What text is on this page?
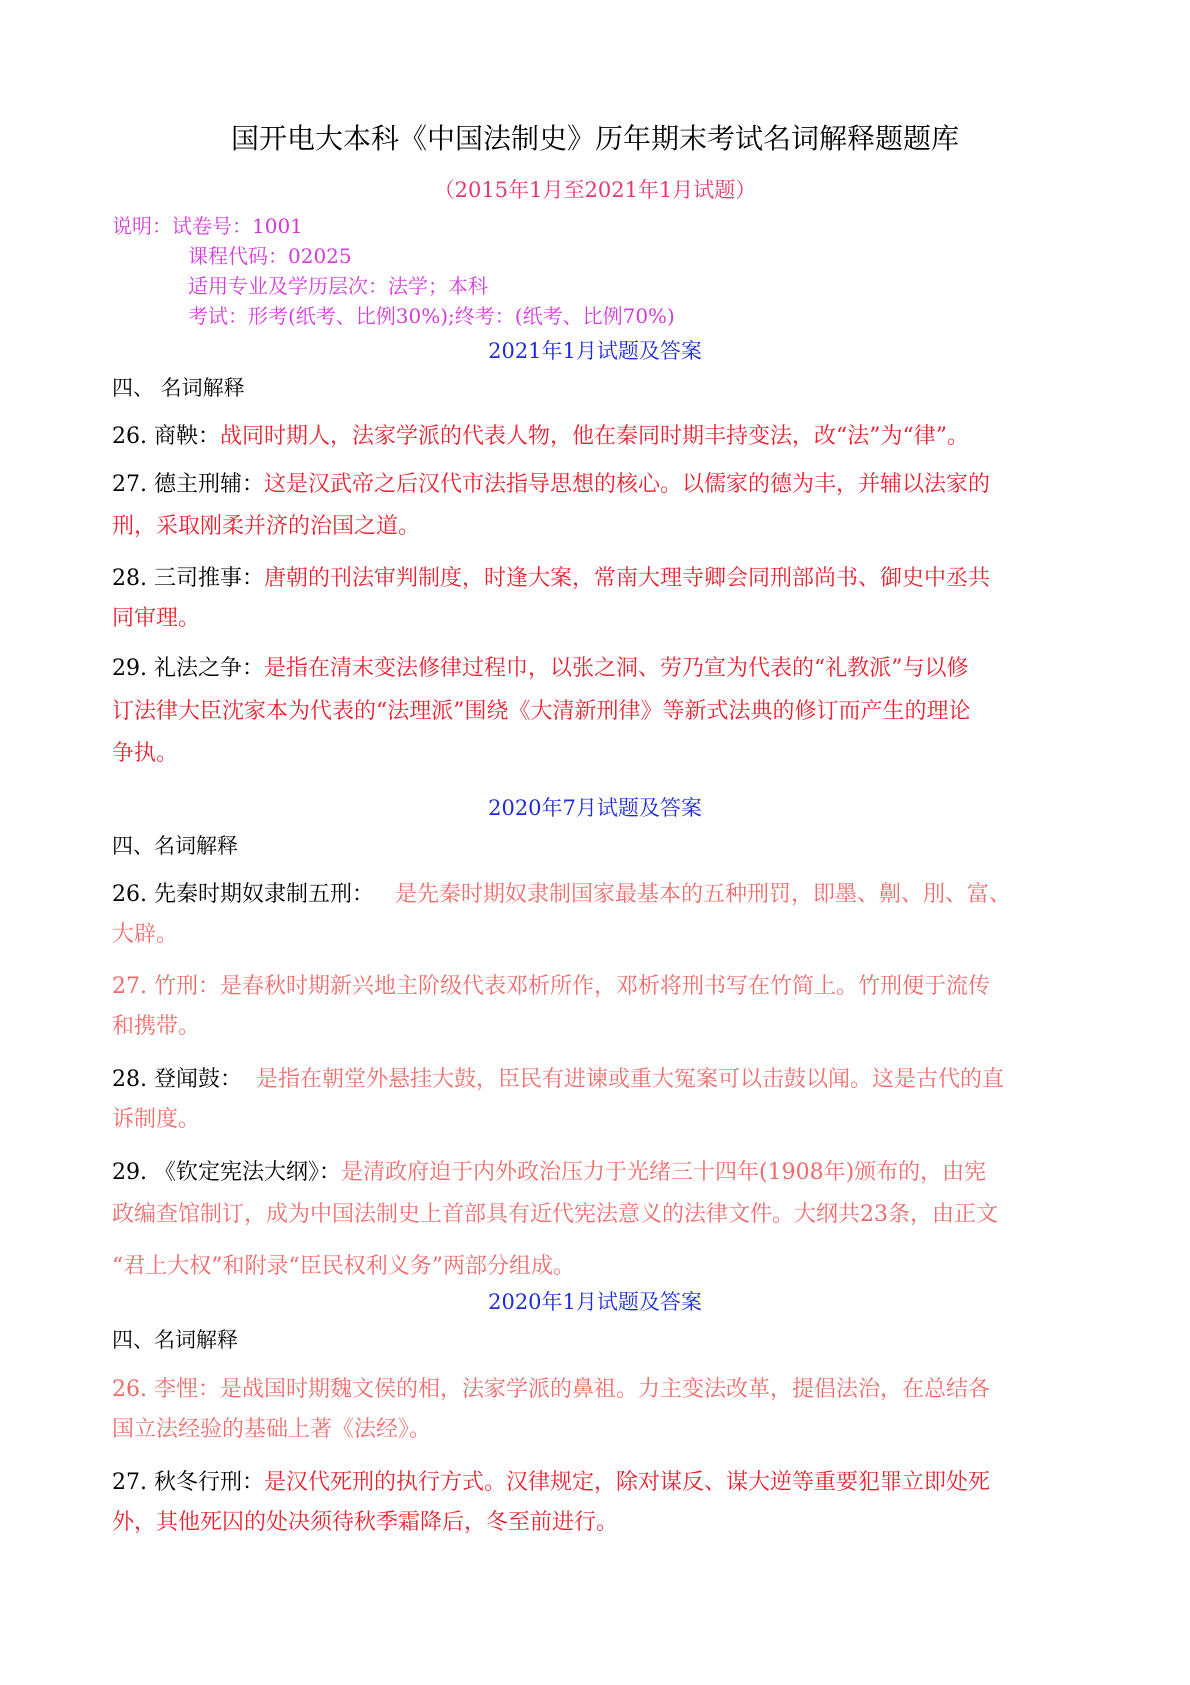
国开电大本科《中国法制史》历年期末考试名词解释题题库
（2015年1月至2021年1月试题）
说明：试卷号：1001
课程代码：02025
适用专业及学历层次：法学；本科
考试：形考(纸考、比例30%);终考：(纸考、比例70%)
2021年1月试题及答案
四、 名词解释
26. 商鞅：战同时期人，法家学派的代表人物，他在秦同时期丰持变法，改“法”为“律”。
27. 德主刑辅：这是汉武帝之后汉代市法指导思想的核心。以儒家的德为丰，并辅以法家的
刑，采取刚柔并济的治国之道。
28. 三司推事：唐朝的刊法审判制度，时逢大案，常南大理寺卿会同刑部尚书、御史中丞共
同审理。
29. 礼法之争：是指在清末变法修律过程巾，以张之洞、劳乃宣为代表的“礼教派”与以修
订法律大臣沈家本为代表的“法理派”围绕《大清新刑律》等新式法典的修订而产生的理论
争执。
2020年7月试题及答案
四、名词解释
26. 先秦时期奴隶制五刑： 是先秦时期奴隶制国家最基本的五种刑罚，即墨、劓、刖、富、
大辟。
27. 竹刑：是春秋时期新兴地主阶级代表邓析所作，邓析将刑书写在竹简上。竹刑便于流传
和携带。
28. 登闻鼓： 是指在朝堂外悬挂大鼓，臣民有进谏或重大冤案可以击鼓以闻。这是古代的直
诉制度。
29. 《钦定宪法大纲》：是清政府迫于内外政治压力于光绪三十四年(1908年)颁布的，由宪
政编查馆制订，成为中国法制史上首部具有近代宪法意义的法律文件。大纲共23条，由正文
“君上大权”和附录“臣民权利义务”两部分组成。
2020年1月试题及答案
四、名词解释
26. 李悝：是战国时期魏文侯的相，法家学派的鼻祖。力主变法改革，提倡法治，在总结各
国立法经验的基础上著《法经》。
27. 秋冬行刑：是汉代死刑的执行方式。汉律规定，除对谋反、谋大逆等重要犯罪立即处死
外，其他死囚的处决须待秋季霜降后，冬至前进行。
